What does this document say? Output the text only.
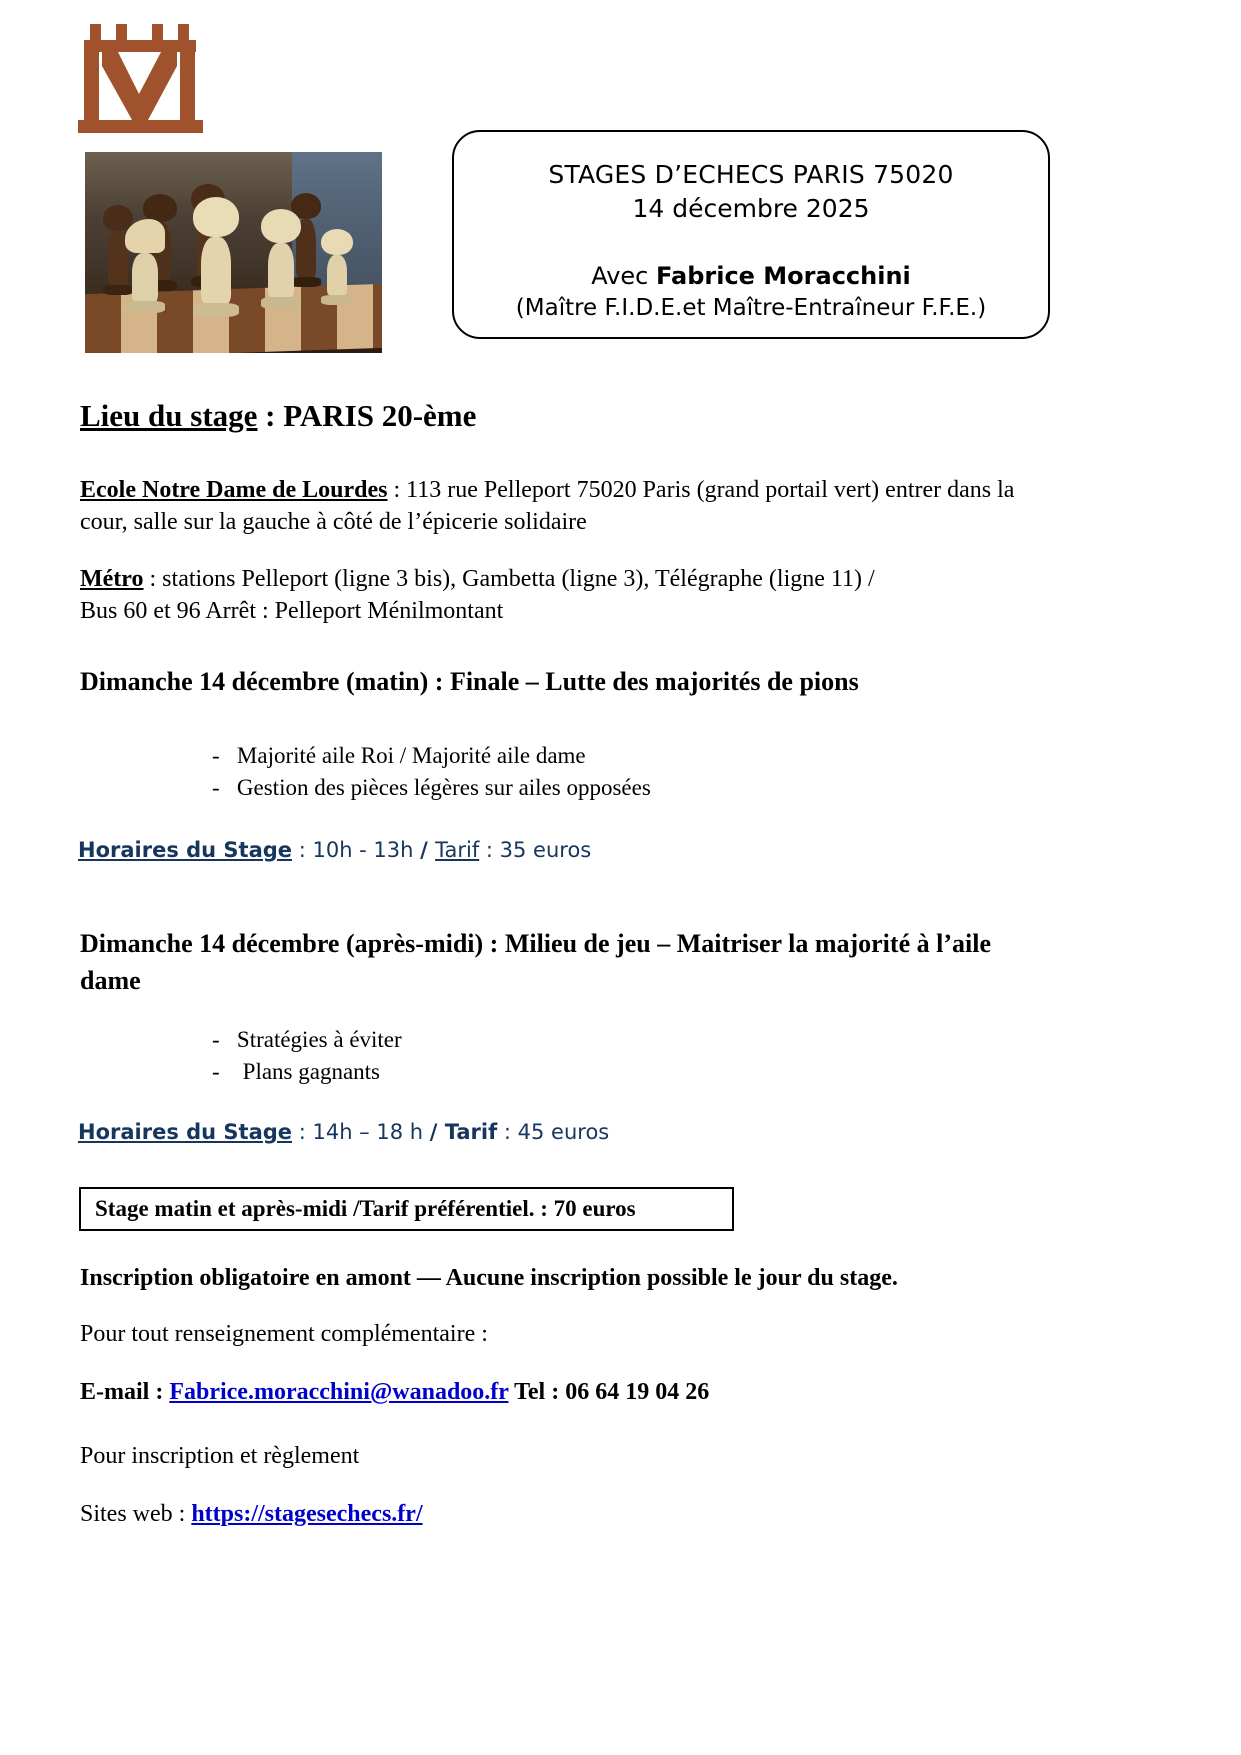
STAGES D’ECHECS PARIS 75020
14 décembre 2025
Avec Fabrice Moracchini
(Maître F.I.D.E.et Maître-Entraîneur F.F.E.)
Lieu du stage : PARIS 20-ème
Ecole Notre Dame de Lourdes : 113 rue Pelleport 75020 Paris (grand portail vert) entrer dans la cour, salle sur la gauche à côté de l’épicerie solidaire
Métro : stations Pelleport (ligne 3 bis), Gambetta (ligne 3), Télégraphe (ligne 11) /
Bus 60 et 96 Arrêt : Pelleport Ménilmontant
Dimanche 14 décembre (matin) : Finale – Lutte des majorités de pions
-   Majorité aile Roi / Majorité aile dame
-   Gestion des pièces légères sur ailes opposées
Horaires du Stage : 10h - 13h / Tarif : 35 euros
Dimanche 14 décembre (après-midi) : Milieu de jeu – Maitriser la majorité à l’aile dame
-   Stratégies à éviter
-    Plans gagnants
Horaires du Stage : 14h – 18 h / Tarif : 45 euros
Stage matin et après-midi /Tarif préférentiel. : 70 euros
Inscription obligatoire en amont — Aucune inscription possible le jour du stage.
Pour tout renseignement complémentaire :
E-mail : Fabrice.moracchini@wanadoo.fr Tel : 06 64 19 04 26
Pour inscription et règlement
Sites web : https://stagesechecs.fr/
